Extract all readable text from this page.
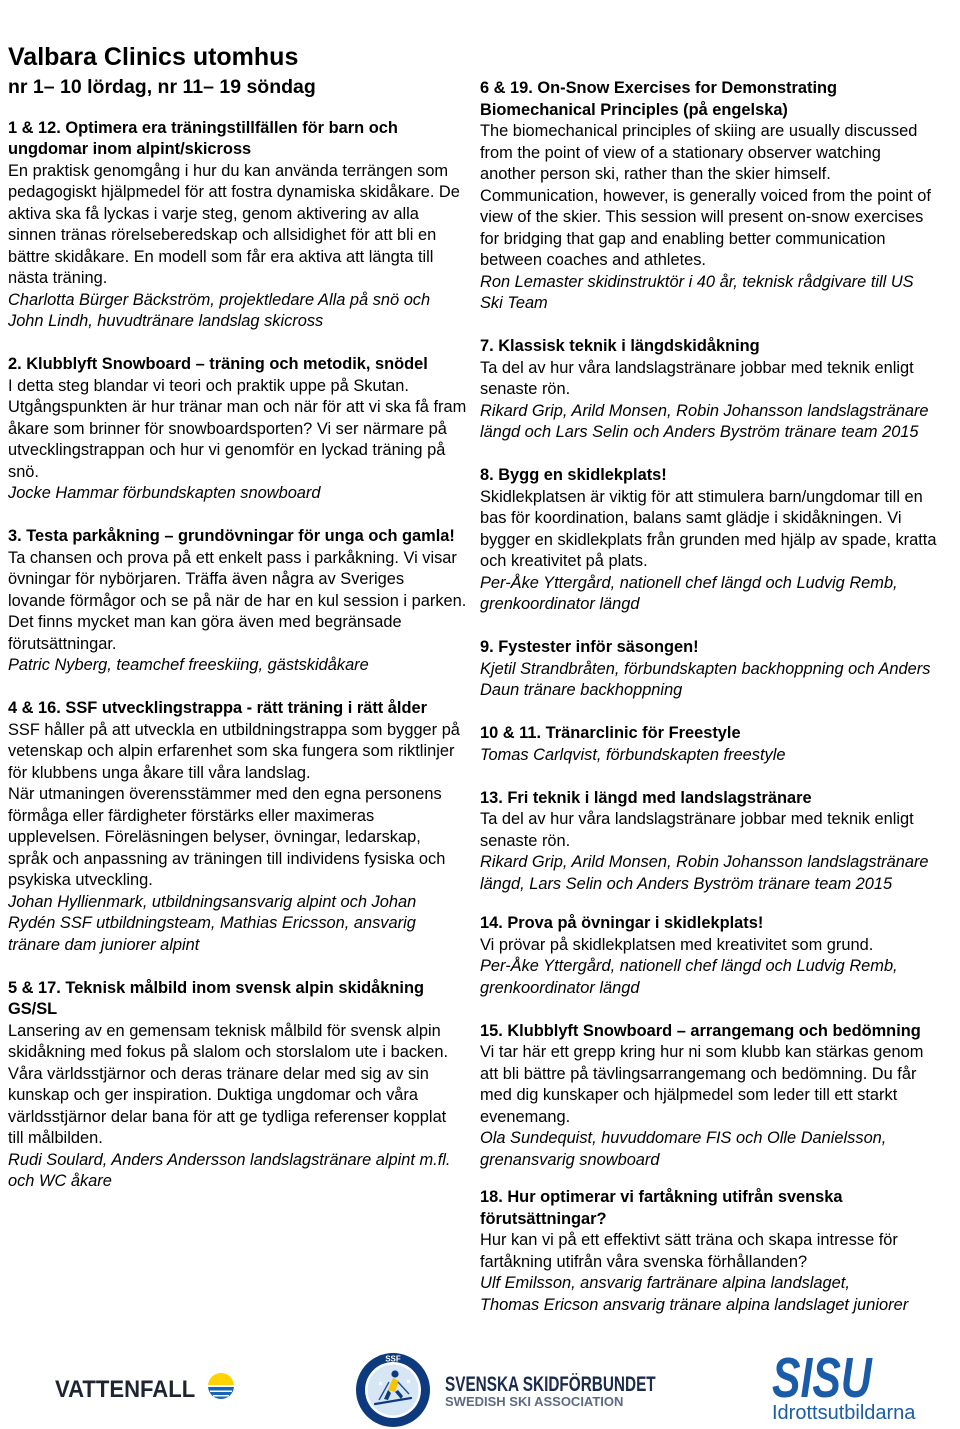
Valbara Clinics utomhus
nr 1– 10 lördag, nr 11– 19 söndag
1 & 12. Optimera era träningstillfällen för barn och
ungdomar inom alpint/skicross
En praktisk genomgång i hur du kan använda terrängen som
pedagogiskt hjälpmedel för att fostra dynamiska skidåkare. De
aktiva ska få lyckas i varje steg, genom aktivering av alla
sinnen tränas rörelseberedskap och allsidighet för att bli en
bättre skidåkare. En modell som får era aktiva att längta till
nästa träning.
Charlotta Bürger Bäckström, projektledare Alla på snö och
John Lindh, huvudtränare landslag skicross
2. Klubblyft Snowboard – träning och metodik, snödel
I detta steg blandar vi teori och praktik uppe på Skutan.
Utgångspunkten är hur tränar man och när för att vi ska få fram
åkare som brinner för snowboardsporten? Vi ser närmare på
utvecklingstrappan och hur vi genomför en lyckad träning på
snö.
Jocke Hammar förbundskapten snowboard
3. Testa parkåkning – grundövningar för unga och gamla!
Ta chansen och prova på ett enkelt pass i parkåkning. Vi visar
övningar för nybörjaren. Träffa även några av Sveriges
lovande förmågor och se på när de har en kul session i parken.
Det finns mycket man kan göra även med begränsade
förutsättningar.
Patric Nyberg, teamchef freeskiing, gästskidåkare
4 & 16. SSF utvecklingstrappa - rätt träning i rätt ålder
SSF håller på att utveckla en utbildningstrappa som bygger på
vetenskap och alpin erfarenhet som ska fungera som riktlinjer
för klubbens unga åkare till våra landslag.
När utmaningen överensstämmer med den egna personens
förmåga eller färdigheter förstärks eller maximeras
upplevelsen. Föreläsningen belyser, övningar, ledarskap,
språk och anpassning av träningen till individens fysiska och
psykiska utveckling.
Johan Hyllienmark, utbildningsansvarig alpint och Johan
Rydén SSF utbildningsteam, Mathias Ericsson, ansvarig
tränare dam juniorer alpint
5 & 17. Teknisk målbild inom svensk alpin skidåkning
GS/SL
Lansering av en gemensam teknisk målbild för svensk alpin
skidåkning med fokus på slalom och storslalom ute i backen.
Våra världsstjärnor och deras tränare delar med sig av sin
kunskap och ger inspiration. Duktiga ungdomar och våra
världsstjärnor delar bana för att ge tydliga referenser kopplat
till målbilden.
Rudi Soulard, Anders Andersson landslagstränare alpint m.fl.
och WC åkare
6 & 19. On-Snow Exercises for Demonstrating
Biomechanical Principles (på engelska)
The biomechanical principles of skiing are usually discussed
from the point of view of a stationary observer watching
another person ski, rather than the skier himself.
Communication, however, is generally voiced from the point of
view of the skier. This session will present on-snow exercises
for bridging that gap and enabling better communication
between coaches and athletes.
Ron Lemaster skidinstruktör i 40 år, teknisk rådgivare till US
Ski Team
7. Klassisk teknik i längdskidåkning
Ta del av hur våra landslagstränare jobbar med teknik enligt
senaste rön.
Rikard Grip, Arild Monsen, Robin Johansson landslagstränare
längd och Lars Selin och Anders Byström tränare team 2015
8. Bygg en skidlekplats!
Skidlekplatsen är viktig för att stimulera barn/ungdomar till en
bas för koordination, balans samt glädje i skidåkningen. Vi
bygger en skidlekplats från grunden med hjälp av spade, kratta
och kreativitet på plats.
Per-Åke Yttergård, nationell chef längd och Ludvig Remb,
grenkoordinator längd
9. Fystester inför säsongen!
Kjetil Strandbråten, förbundskapten backhoppning och Anders
Daun tränare backhoppning
10 & 11. Tränarclinic för Freestyle
Tomas Carlqvist, förbundskapten freestyle
13. Fri teknik i längd med landslagstränare
Ta del av hur våra landslagstränare jobbar med teknik enligt
senaste rön.
Rikard Grip, Arild Monsen, Robin Johansson landslagstränare
längd, Lars Selin och Anders Byström tränare team 2015
14. Prova på övningar i skidlekplats!
Vi prövar på skidlekplatsen med kreativitet som grund.
Per-Åke Yttergård, nationell chef längd och Ludvig Remb,
grenkoordinator längd
15. Klubblyft Snowboard – arrangemang och bedömning
Vi tar här ett grepp kring hur ni som klubb kan stärkas genom
att bli bättre på tävlingsarrangemang och bedömning. Du får
med dig kunskaper och hjälpmedel som leder till ett starkt
evenemang.
Ola Sundequist, huvuddomare FIS och Olle Danielsson,
grenansvarig snowboard
18. Hur optimerar vi fartåkning utifrån svenska
förutsättningar?
Hur kan vi på ett effektivt sätt träna och skapa intresse för
fartåkning utifrån våra svenska förhållanden?
Ulf Emilsson, ansvarig fartränare alpina landslaget,
Thomas Ericson ansvarig tränare alpina landslaget juniorer
VATTENFALL
SSF
SVENSKA SKIDFÖRBUNDET
SWEDISH SKI ASSOCIATION	SISU
Idrottsutbildarna
